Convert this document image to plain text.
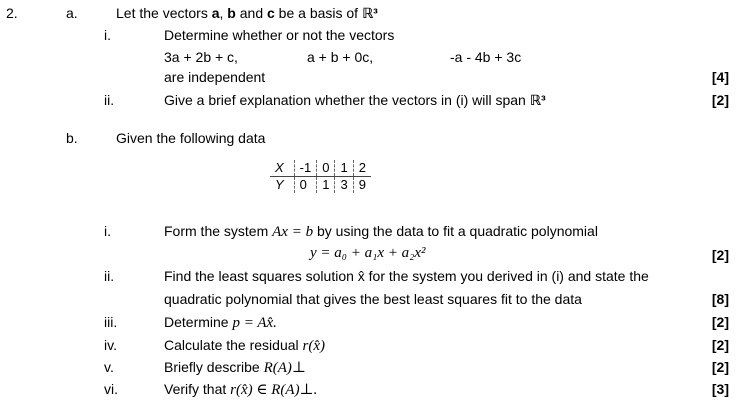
2.	a.	Let the vectors a, b and c be a basis of ℝ³
i.	Determine whether or not the vectors
3a + 2b + c,	a + b + 0c,	-a - 4b + 3c
are independent	[4]
ii.	Give a brief explanation whether the vectors in (i) will span ℝ³	[2]
b.	Given the following data
X	-1	0	1	2
Y	0	1	3	9
i.	Form the system Ax = b by using the data to fit a quadratic polynomial
y = a₀ + a₁x + a₂x²	[2]
ii.	Find the least squares solution x̂ for the system you derived in (i) and state the
quadratic polynomial that gives the best least squares fit to the data	[8]
iii.	Determine p = Ax̂.	[2]
iv.	Calculate the residual r(x̂)	[2]
v.	Briefly describe R(A)⊥	[2]
vi.	Verify that r(x̂) ∈ R(A)⊥.	[3]
